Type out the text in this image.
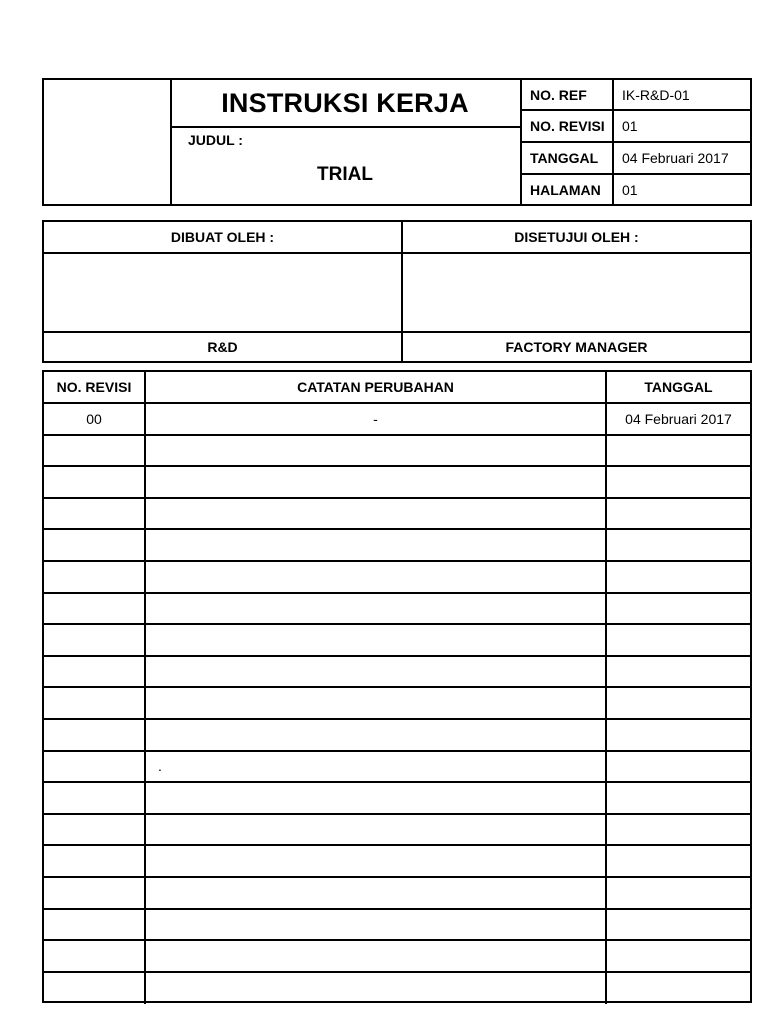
INSTRUKSI KERJA
JUDUL :
TRIAL
NO. REF	IK-R&D-01
NO. REVISI	01
TANGGAL	04 Februari 2017
HALAMAN	01
DIBUAT OLEH :	DISETUJUI OLEH :
R&D	FACTORY MANAGER
NO. REVISI	CATATAN PERUBAHAN	TANGGAL
00	-	04 Februari 2017
.
